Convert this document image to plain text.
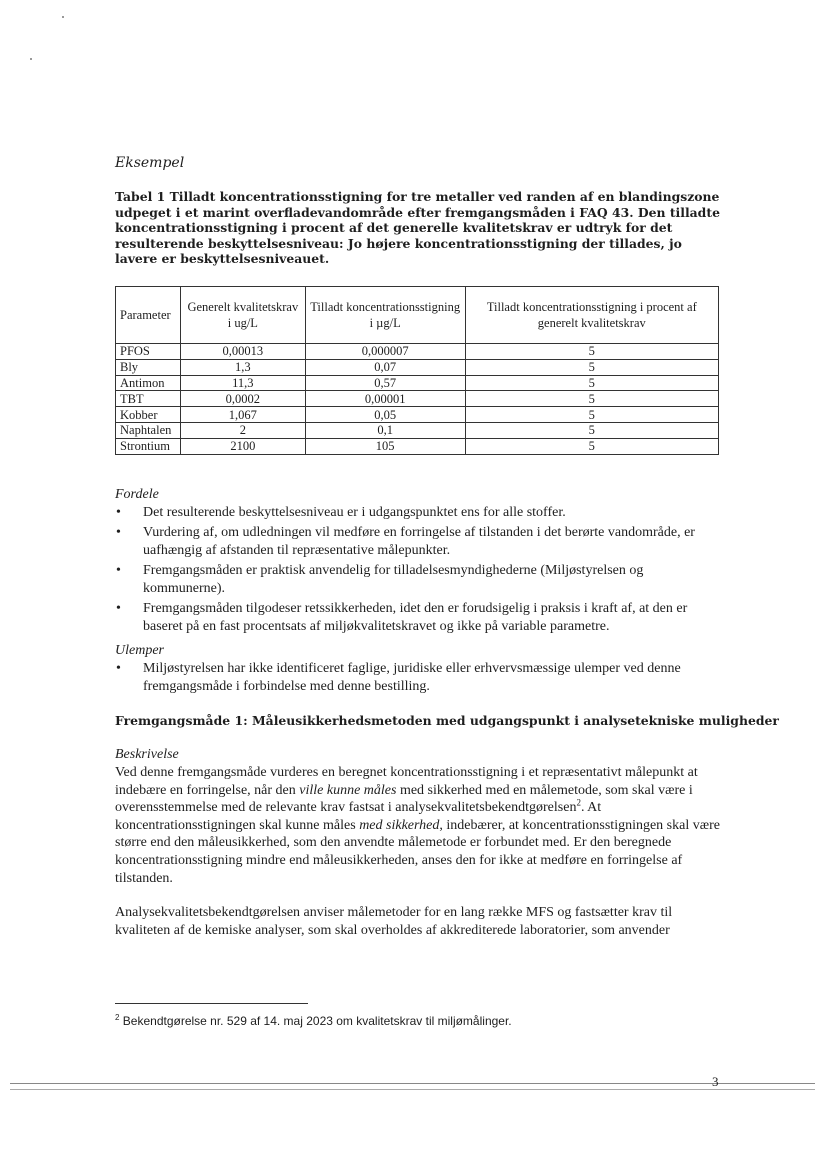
Eksempel
Tabel 1 Tilladt koncentrationsstigning for tre metaller ved randen af en blandingszone udpeget i et marint overfladevandområde efter fremgangsmåden i FAQ 43. Den tilladte koncentrationsstigning i procent af det generelle kvalitetskrav er udtryk for det resulterende beskyttelsesniveau: Jo højere koncentrationsstigning der tillades, jo lavere er beskyttelsesniveauet.
Parameter	Generelt kvalitetskrav i ug/L	Tilladt koncentrationsstigning i µg/L	Tilladt koncentrationsstigning i procent af generelt kvalitetskrav
PFOS	0,00013	0,000007	5
Bly	1,3	0,07	5
Antimon	11,3	0,57	5
TBT	0,0002	0,00001	5
Kobber	1,067	0,05	5
Naphtalen	2	0,1	5
Strontium	2100	105	5
Fordele
• Det resulterende beskyttelsesniveau er i udgangspunktet ens for alle stoffer.
• Vurdering af, om udledningen vil medføre en forringelse af tilstanden i det berørte vandområde, er uafhængig af afstanden til repræsentative målepunkter.
• Fremgangsmåden er praktisk anvendelig for tilladelsesmyndighederne (Miljøstyrelsen og kommunerne).
• Fremgangsmåden tilgodeser retssikkerheden, idet den er forudsigelig i praksis i kraft af, at den er baseret på en fast procentsats af miljøkvalitetskravet og ikke på variable parametre.
Ulemper
• Miljøstyrelsen har ikke identificeret faglige, juridiske eller erhvervsmæssige ulemper ved denne fremgangsmåde i forbindelse med denne bestilling.
Fremgangsmåde 1: Måleusikkerhedsmetoden med udgangspunkt i analysetekniske muligheder
Beskrivelse

Ved denne fremgangsmåde vurderes en beregnet koncentrationsstigning i et repræsentativt målepunkt at indebære en forringelse, når den ville kunne måles med sikkerhed med en målemetode, som skal være i overensstemmelse med de relevante krav fastsat i analysekvalitetsbekendtgørelsen$^2$. At koncentrationsstigningen skal kunne måles med sikkerhed, indebærer, at koncentrationsstigningen skal være større end den måleusikkerhed, som den anvendte målemetode er forbundet med. Er den beregnede koncentrationsstigning mindre end måleusikkerheden, anses den for ikke at medføre en forringelse af tilstanden.

Analysekvalitetsbekendtgørelsen anviser målemetoder for en lang række MFS og fastsætter krav til kvaliteten af de kemiske analyser, som skal overholdes af akkrediterede laboratorier, som anvender

$^2$ Bekendtgørelse nr. 529 af 14. maj 2023 om kvalitetskrav til miljømålinger.
3
